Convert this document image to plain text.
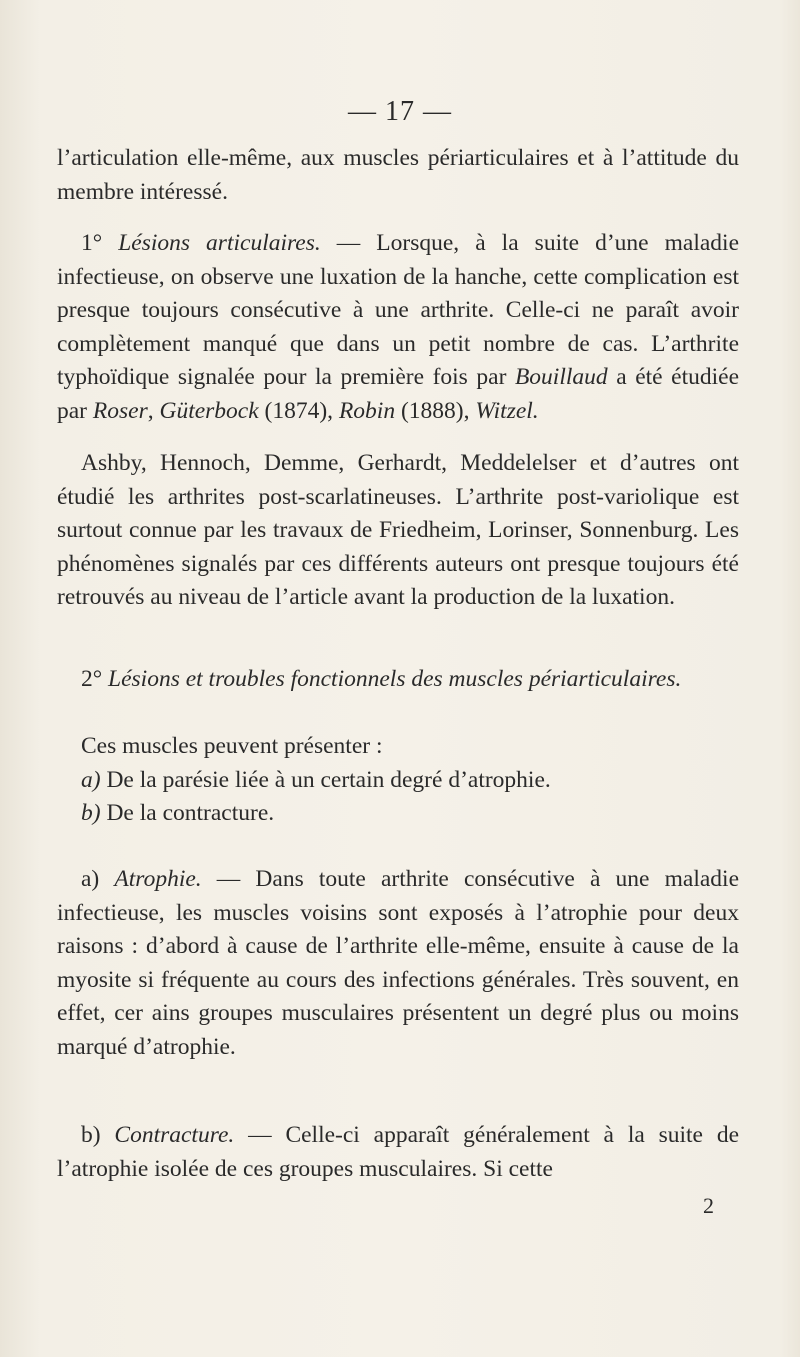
— 17 —

l’articulation elle-même, aux muscles périarticulaires et à l’attitude du membre intéressé.

1° Lésions articulaires. — Lorsque, à la suite d’une maladie infectieuse, on observe une luxation de la hanche, cette complication est presque toujours consécutive à une arthrite. Celle-ci ne paraît avoir complètement manqué que dans un petit nombre de cas. L’arthrite typhoïdique signalée pour la première fois par Bouillaud a été étudiée par Roser, Güterbock (1874), Robin (1888), Witzel.

Ashby, Hennoch, Demme, Gerhardt, Meddelelser et d’autres ont étudié les arthrites post-scarlatineuses. L’arthrite post-variolique est surtout connue par les travaux de Friedheim, Lorinser, Sonnenburg. Les phénomènes signalés par ces différents auteurs ont presque toujours été retrouvés au niveau de l’article avant la production de la luxation.

2° Lésions et troubles fonctionnels des muscles périarticulaires.

Ces muscles peuvent présenter :

a) De la parésie liée à un certain degré d’atrophie.

b) De la contracture.

a) Atrophie. — Dans toute arthrite consécutive à une maladie infectieuse, les muscles voisins sont exposés à l’atrophie pour deux raisons : d’abord à cause de l’arthrite elle-même, ensuite à cause de la myosite si fréquente au cours des infections générales. Très souvent, en effet, cer ains groupes musculaires présentent un degré plus ou moins marqué d’atrophie.

b) Contracture. — Celle-ci apparaît généralement à la suite de l’atrophie isolée de ces groupes musculaires. Si cette

2
